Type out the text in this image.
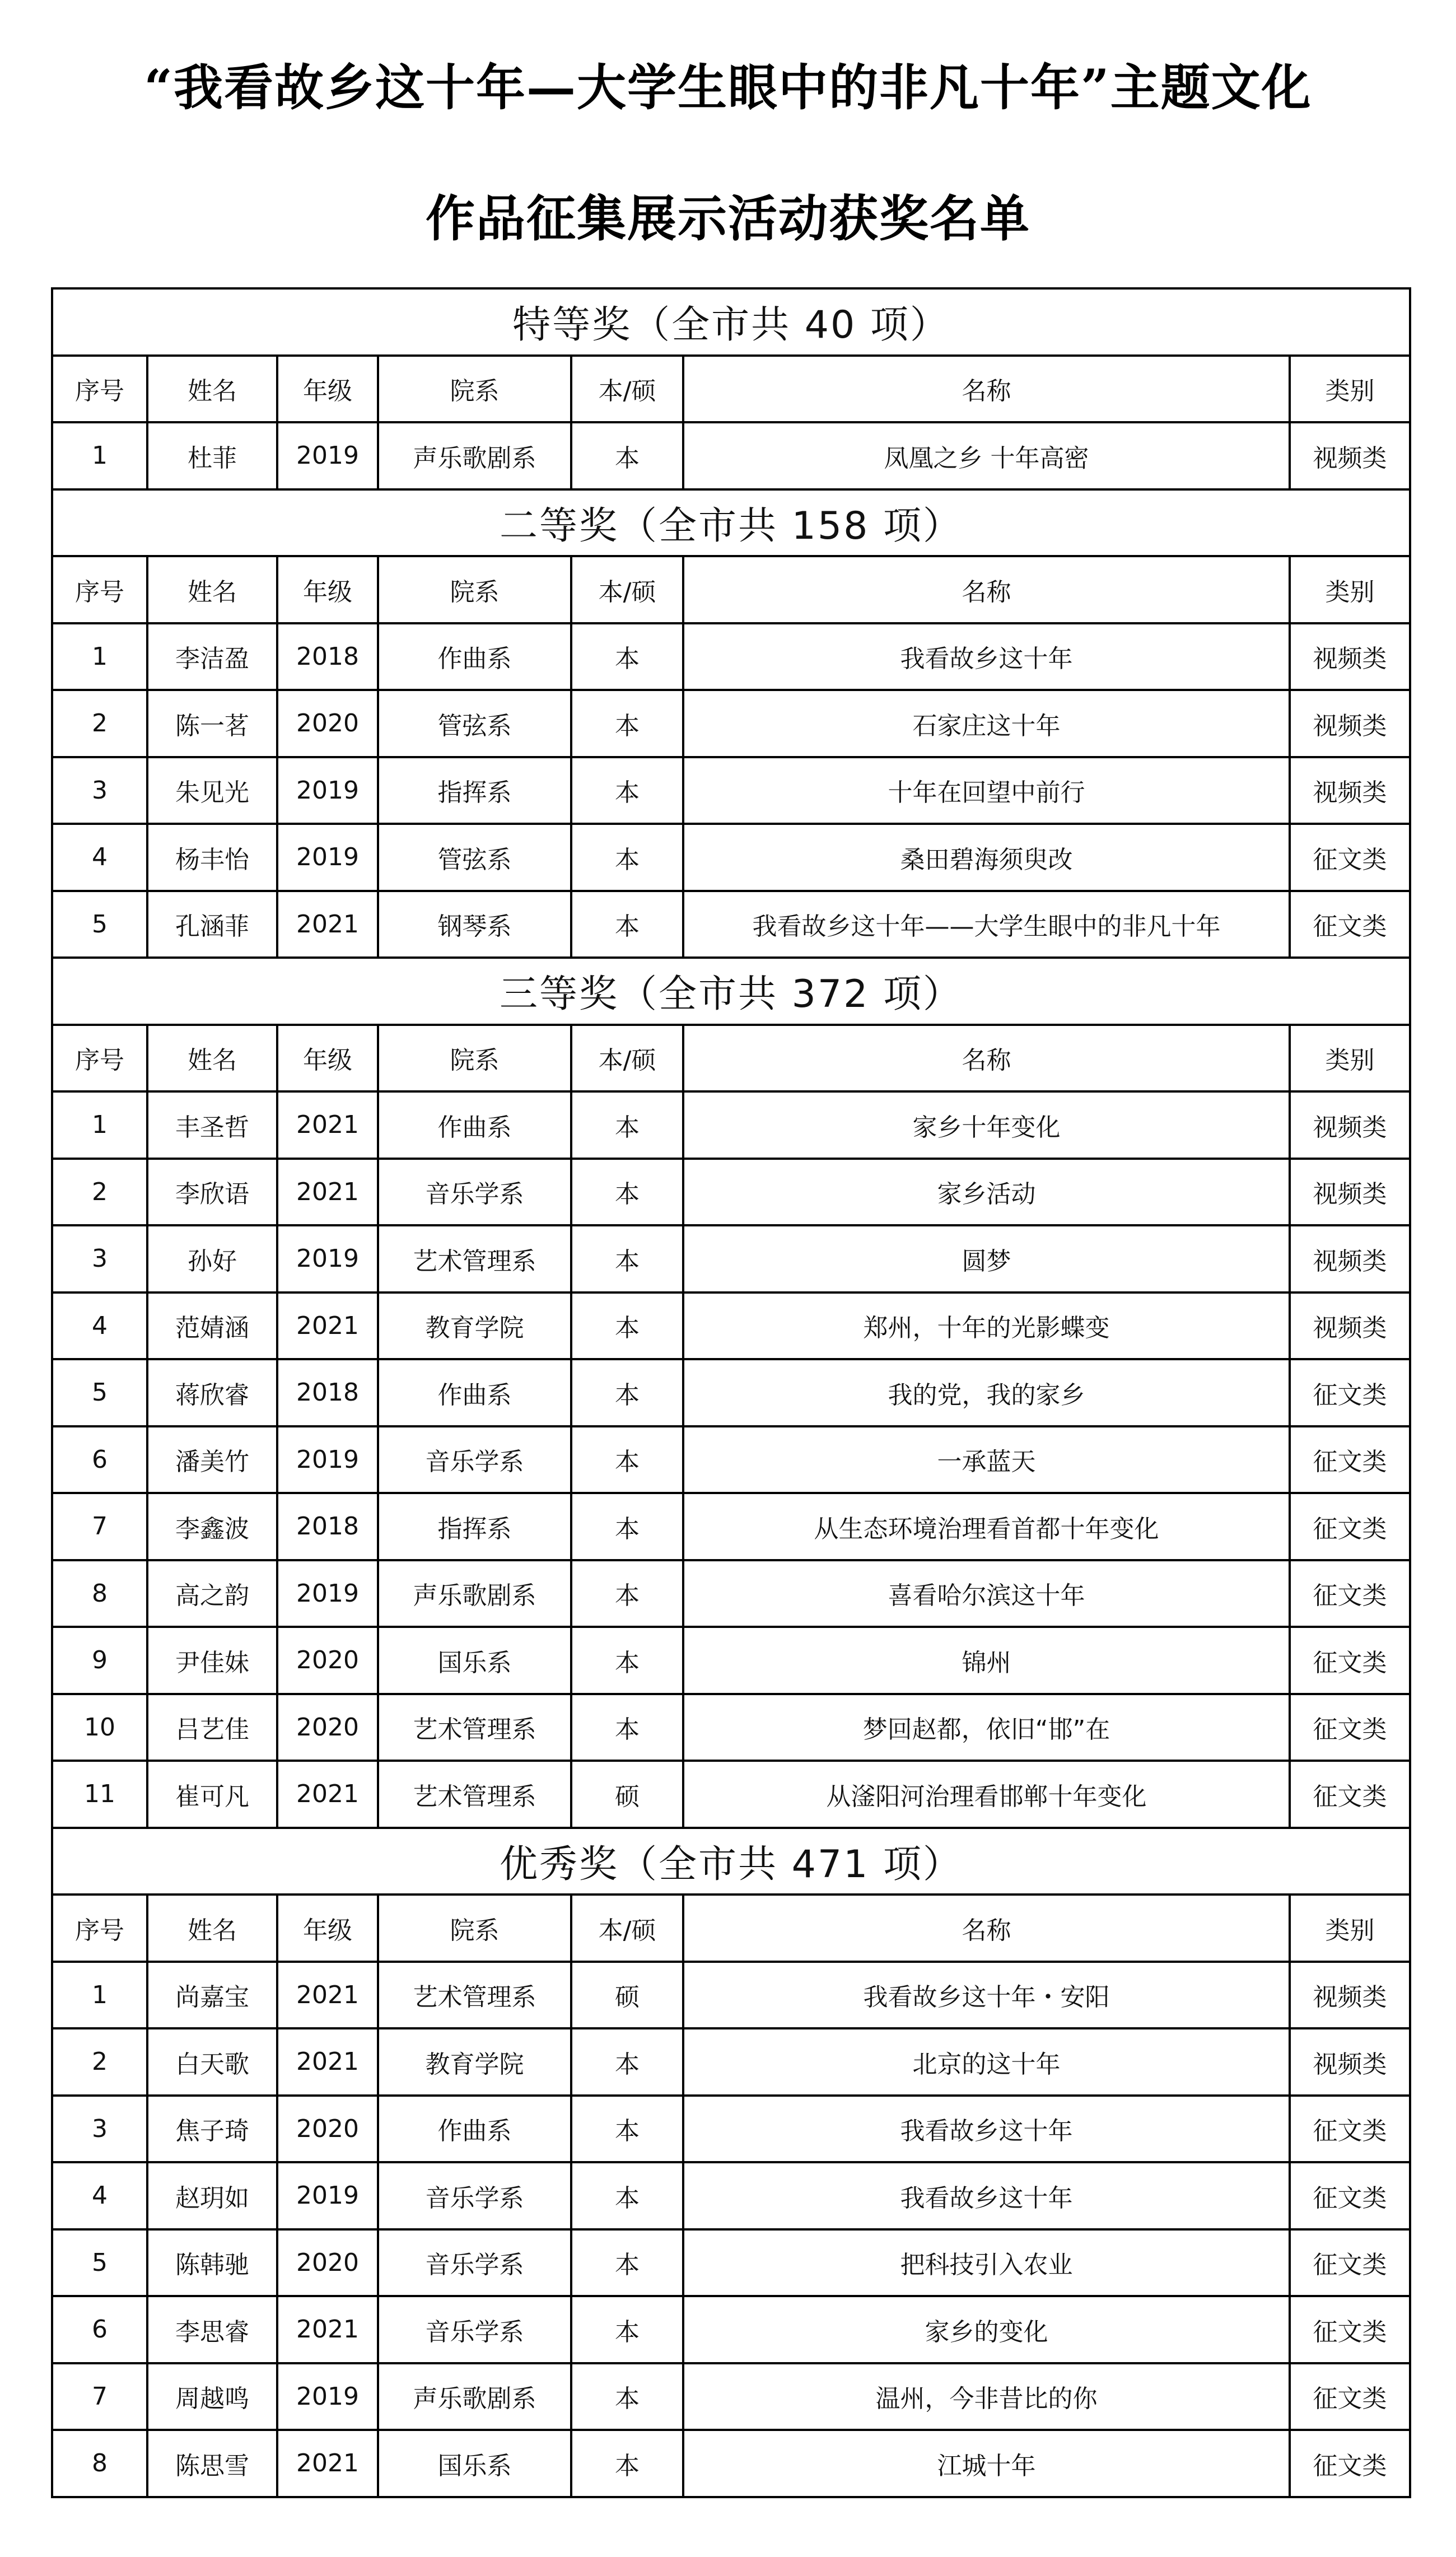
“我看故乡这十年—大学生眼中的非凡十年”主题文化
作品征集展示活动获奖名单
特等奖（全市共 40 项）						
序号	姓名	年级	院系	本/硕	名称	类别
1	杜菲	2019	声乐歌剧系	本	凤凰之乡 十年高密	视频类
二等奖（全市共 158 项）						
序号	姓名	年级	院系	本/硕	名称	类别
1	李洁盈	2018	作曲系	本	我看故乡这十年	视频类
2	陈一茗	2020	管弦系	本	石家庄这十年	视频类
3	朱见光	2019	指挥系	本	十年在回望中前行	视频类
4	杨丰怡	2019	管弦系	本	桑田碧海须臾改	征文类
5	孔涵菲	2021	钢琴系	本	我看故乡这十年——大学生眼中的非凡十年	征文类
三等奖（全市共 372 项）						
序号	姓名	年级	院系	本/硕	名称	类别
1	丰圣哲	2021	作曲系	本	家乡十年变化	视频类
2	李欣语	2021	音乐学系	本	家乡活动	视频类
3	孙好	2019	艺术管理系	本	圆梦	视频类
4	范婧涵	2021	教育学院	本	郑州，十年的光影蝶变	视频类
5	蒋欣睿	2018	作曲系	本	我的党，我的家乡	征文类
6	潘美竹	2019	音乐学系	本	一承蓝天	征文类
7	李鑫波	2018	指挥系	本	从生态环境治理看首都十年变化	征文类
8	高之韵	2019	声乐歌剧系	本	喜看哈尔滨这十年	征文类
9	尹佳妹	2020	国乐系	本	锦州	征文类
10	吕艺佳	2020	艺术管理系	本	梦回赵都，依旧“邯”在	征文类
11	崔可凡	2021	艺术管理系	硕	从滏阳河治理看邯郸十年变化	征文类
优秀奖（全市共 471 项）						
序号	姓名	年级	院系	本/硕	名称	类别
1	尚嘉宝	2021	艺术管理系	硕	我看故乡这十年・安阳	视频类
2	白天歌	2021	教育学院	本	北京的这十年	视频类
3	焦子琦	2020	作曲系	本	我看故乡这十年	征文类
4	赵玥如	2019	音乐学系	本	我看故乡这十年	征文类
5	陈韩驰	2020	音乐学系	本	把科技引入农业	征文类
6	李思睿	2021	音乐学系	本	家乡的变化	征文类
7	周越鸣	2019	声乐歌剧系	本	温州，今非昔比的你	征文类
8	陈思雪	2021	国乐系	本	江城十年	征文类
